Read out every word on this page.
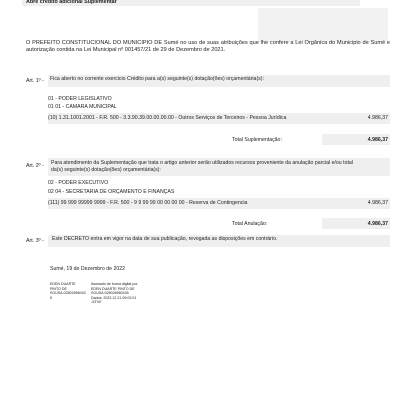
Abre crédito adicional Suplementar
O PREFEITO CONSTITUCIONAL DO MUNICIPIO DE Sumé no uso de suas atribuições que lhe confere a Lei Orgânica do Municipio de Sumé e autorização contida na Lei Municipal nº 001457/21 de 29 de Dezembro de 2021.
Art. 1º - Fica aberto no corrente exercicio Crédito para a(s) seguinte(s) dotação(ões) orçamentária(s):
01 - PODER LEGISLATIVO
01 01 - CAMARA MUNICIPAL
(10) 1.31.1001.2001 - F.R. 500 - 3.3.90.39.00.00.00.00 - Outros Serviços de Terceiros - Pessoa Jurídica	4.986,37
Total Suplementação:	4.986,37
Art. 2º - Para atendimento da Suplementação que trata o artigo anterior serão utilizados recursos proveniente da anulação parcial e/ou total
da(s) seguinte(s) dotação(ões) orçamentária(s):
02 - PODER EXECUTIVO
02 04 - SECRETARIA DE ORÇAMENTO E FINANÇAS
(111) 99 999 99999 9999 - F.R. 500 - 9 9 99 99 00 00 00 00 - Reserva de Contingencia	4.986,37
Total Anulação:	4.986,37
Art. 3º - Este DECRETO entra em vigor na data de sua publicação, revogada as disposições em contrário.
Sumé, 19 de Dezembro de 2022
EDEN DUARTE PINTO DE SOUSA:02802896043 5
Assinado de forma digital por EDEN DUARTE PINTO DE SOUSA:028028960435 Dados: 2022.12.21 09:02:01 -03'00'
